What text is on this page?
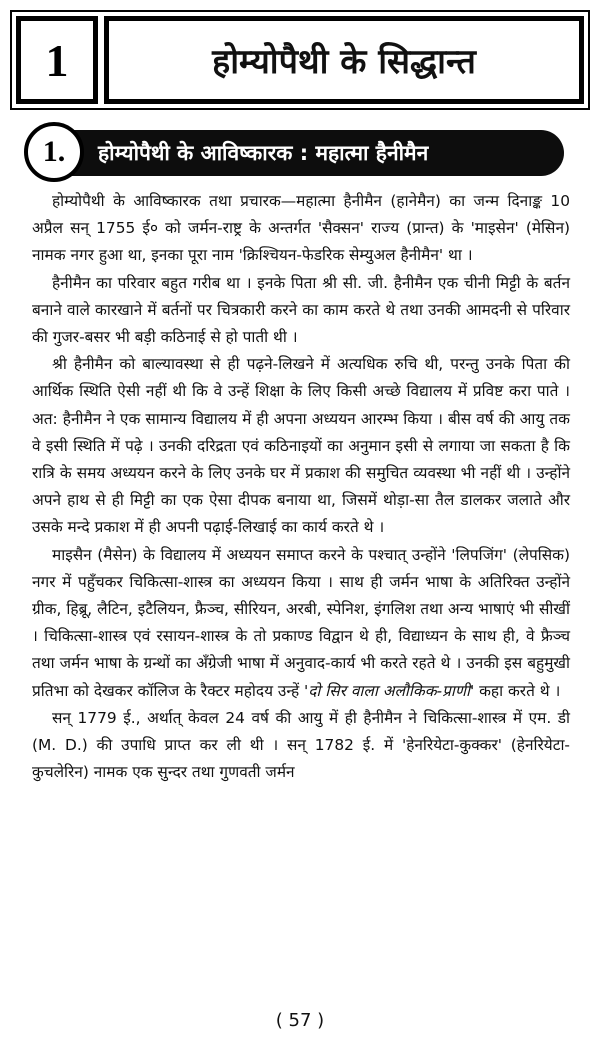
1	होम्योपैथी के सिद्धान्त
1. होम्योपैथी के आविष्कारक : महात्मा हैनीमैन

होम्योपैथी के आविष्कारक तथा प्रचारक—महात्मा हैनीमैन (हानेमैन) का जन्म दिनाङ्क 10 अप्रैल सन् 1755 ई० को जर्मन-राष्ट्र के अन्तर्गत 'सैक्सन' राज्य (प्रान्त) के 'माइसेन' (मेसिन) नामक नगर हुआ था, इनका पूरा नाम 'क्रिश्चियन-फेडरिक सेम्युअल हैनीमैन' था ।

हैनीमैन का परिवार बहुत गरीब था । इनके पिता श्री सी. जी. हैनीमैन एक चीनी मिट्टी के बर्तन बनाने वाले कारखाने में बर्तनों पर चित्रकारी करने का काम करते थे तथा उनकी आमदनी से परिवार की गुजर-बसर भी बड़ी कठिनाई से हो पाती थी ।

श्री हैनीमैन को बाल्यावस्था से ही पढ़ने-लिखने में अत्यधिक रुचि थी, परन्तु उनके पिता की आर्थिक स्थिति ऐसी नहीं थी कि वे उन्हें शिक्षा के लिए किसी अच्छे विद्यालय में प्रविष्ट करा पाते । अत: हैनीमैन ने एक सामान्य विद्यालय में ही अपना अध्ययन आरम्भ किया । बीस वर्ष की आयु तक वे इसी स्थिति में पढ़े । उनकी दरिद्रता एवं कठिनाइयों का अनुमान इसी से लगाया जा सकता है कि रात्रि के समय अध्ययन करने के लिए उनके घर में प्रकाश की समुचित व्यवस्था भी नहीं थी । उन्होंने अपने हाथ से ही मिट्टी का एक ऐसा दीपक बनाया था, जिसमें थोड़ा-सा तैल डालकर जलाते और उसके मन्दे प्रकाश में ही अपनी पढ़ाई-लिखाई का कार्य करते थे ।

माइसैन (मैसेन) के विद्यालय में अध्ययन समाप्त करने के पश्चात् उन्होंने 'लिपजिंग' (लेपसिक) नगर में पहुँचकर चिकित्सा-शास्त्र का अध्ययन किया । साथ ही जर्मन भाषा के अतिरिक्त उन्होंने ग्रीक, हिब्रू, लैटिन, इटैलियन, फ्रैञ्च, सीरियन, अरबी, स्पेनिश, इंगलिश तथा अन्य भाषाएं भी सीखीं । चिकित्सा-शास्त्र एवं रसायन-शास्त्र के तो प्रकाण्ड विद्वान थे ही, विद्याध्यन के साथ ही, वे फ्रैञ्च तथा जर्मन भाषा के ग्रन्थों का अँग्रेजी भाषा में अनुवाद-कार्य भी करते रहते थे । उनकी इस बहुमुखी प्रतिभा को देखकर कॉलिज के रैक्टर महोदय उन्हें 'दो सिर वाला अलौकिक-प्राणी' कहा करते थे ।

सन् 1779 ई., अर्थात् केवल 24 वर्ष की आयु में ही हैनीमैन ने चिकित्सा-शास्त्र में एम. डी (M. D.) की उपाधि प्राप्त कर ली थी । सन् 1782 ई. में 'हेनरियेटा-कुक्कर' (हेनरियेटा-कुचलेरिन) नामक एक सुन्दर तथा गुणवती जर्मन

( 57 )
